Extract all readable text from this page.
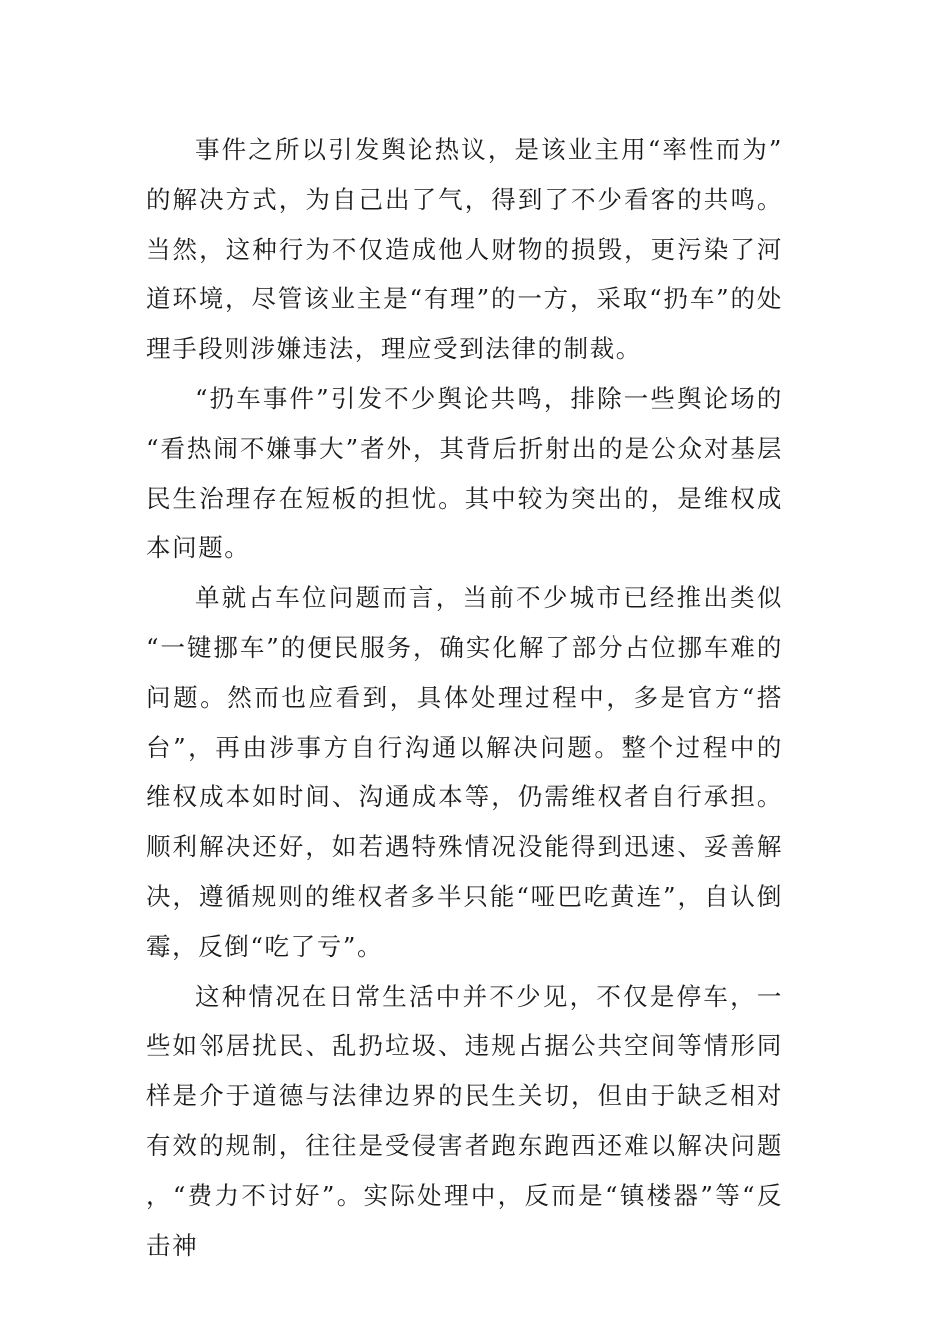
事件之所以引发舆论热议，是该业主用“率性而为”的解决方式，为自己出了气，得到了不少看客的共鸣。当然，这种行为不仅造成他人财物的损毁，更污染了河道环境，尽管该业主是“有理”的一方，采取“扔车”的处理手段则涉嫌违法，理应受到法律的制裁。

“扔车事件”引发不少舆论共鸣，排除一些舆论场的“看热闹不嫌事大”者外，其背后折射出的是公众对基层民生治理存在短板的担忧。其中较为突出的，是维权成本问题。

单就占车位问题而言，当前不少城市已经推出类似“一键挪车”的便民服务，确实化解了部分占位挪车难的问题。然而也应看到，具体处理过程中，多是官方“搭台”，再由涉事方自行沟通以解决问题。整个过程中的维权成本如时间、沟通成本等，仍需维权者自行承担。顺利解决还好，如若遇特殊情况没能得到迅速、妥善解决，遵循规则的维权者多半只能“哑巴吃黄连”，自认倒霉，反倒“吃了亏”。

这种情况在日常生活中并不少见，不仅是停车，一些如邻居扰民、乱扔垃圾、违规占据公共空间等情形同样是介于道德与法律边界的民生关切，但由于缺乏相对有效的规制，往往是受侵害者跑东跑西还难以解决问题，“费力不讨好”。实际处理中，反而是“镇楼器”等“反击神
